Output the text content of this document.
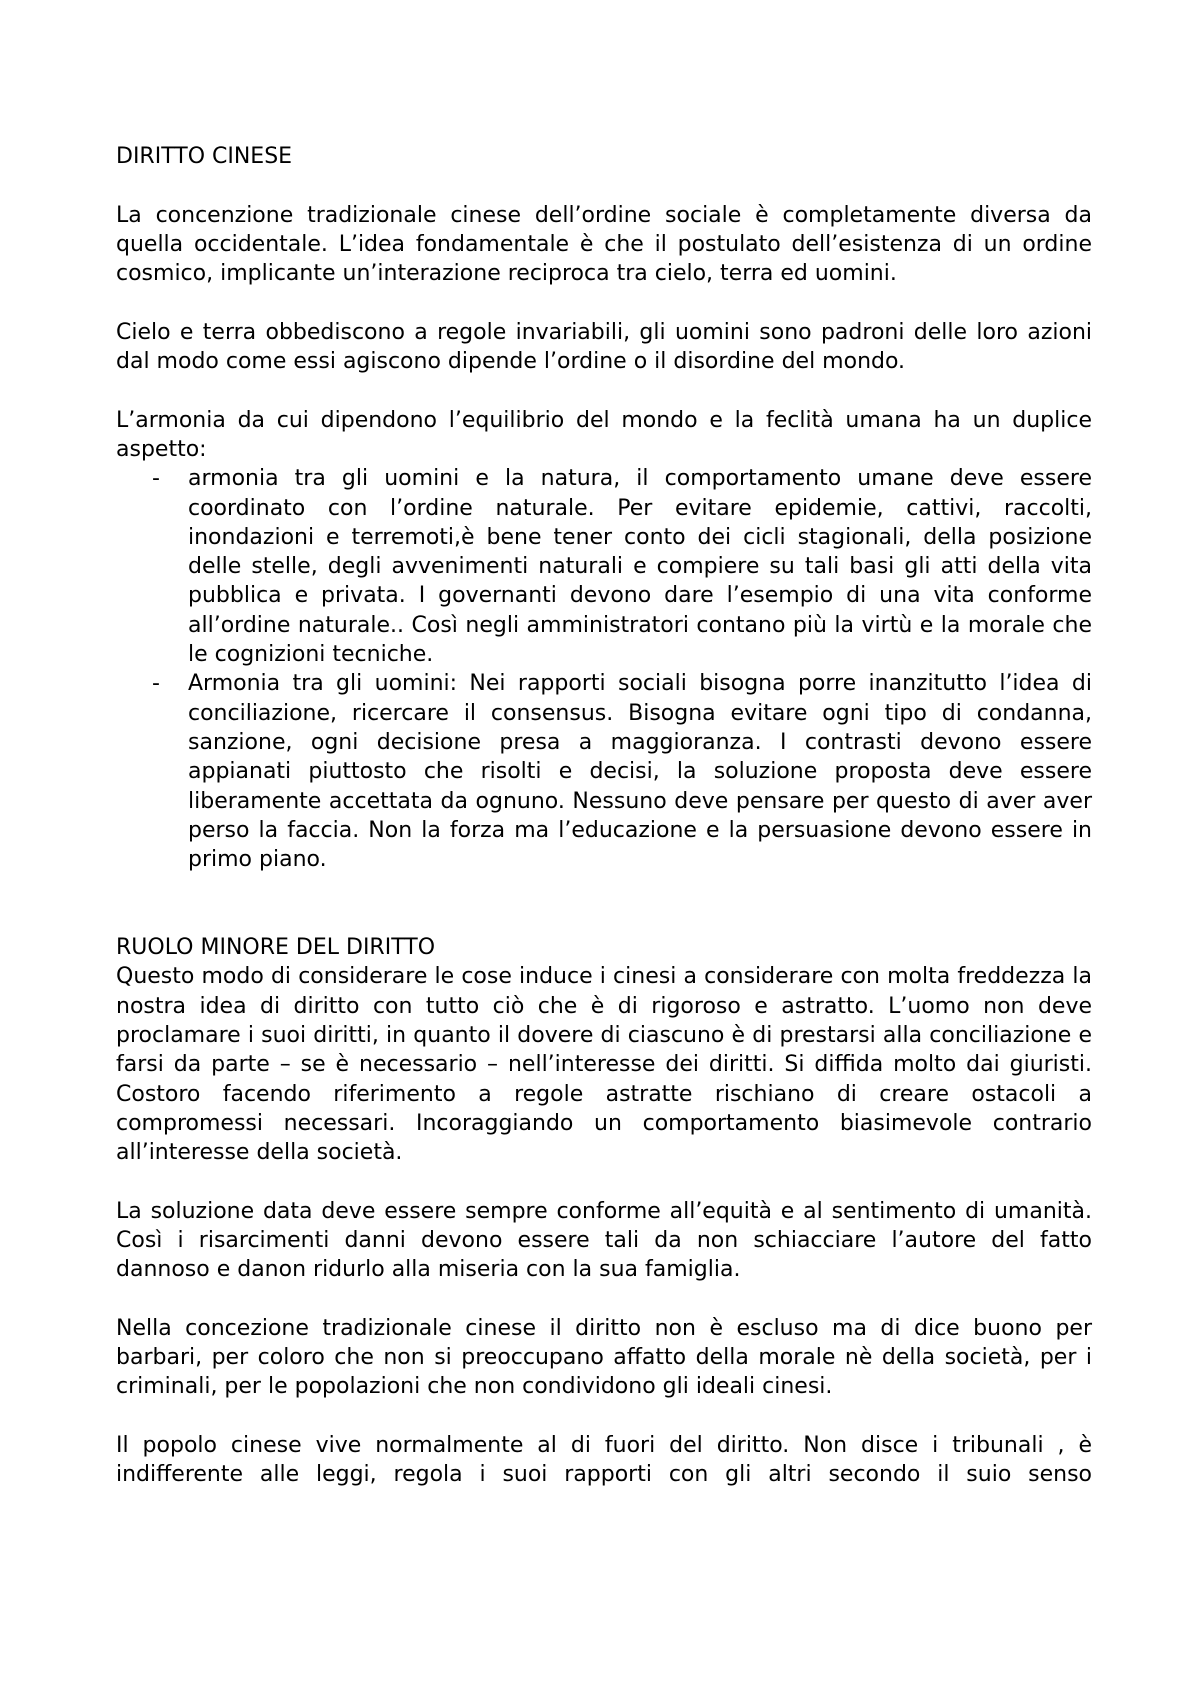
DIRITTO CINESE

La concenzione tradizionale cinese dell’ordine sociale è completamente diversa da quella occidentale. L’idea fondamentale è che il postulato dell’esistenza di un ordine cosmico, implicante un’interazione reciproca tra cielo, terra ed uomini.

Cielo e terra obbediscono a regole invariabili, gli uomini sono padroni delle loro azioni dal modo come essi agiscono dipende l’ordine o il disordine del mondo.

L’armonia da cui dipendono l’equilibrio del mondo e la feclità umana ha un duplice aspetto:

- armonia tra gli uomini e la natura, il comportamento umane deve essere coordinato con l’ordine naturale. Per evitare epidemie, cattivi, raccolti, inondazioni e terremoti,è bene tener conto dei cicli stagionali, della posizione delle stelle, degli avvenimenti naturali e compiere su tali basi gli atti della vita pubblica e privata. I governanti devono dare l’esempio di una vita conforme all’ordine naturale.. Così negli amministratori contano più la virtù e la morale che le cognizioni tecniche.
- Armonia tra gli uomini: Nei rapporti sociali bisogna porre inanzitutto l’idea di conciliazione, ricercare il consensus. Bisogna evitare ogni tipo di condanna, sanzione, ogni decisione presa a maggioranza. I contrasti devono essere appianati piuttosto che risolti e decisi, la soluzione proposta deve essere liberamente accettata da ognuno. Nessuno deve pensare per questo di aver aver perso la faccia. Non la forza ma l’educazione e la persuasione devono essere in primo piano.
RUOLO MINORE DEL DIRITTO

Questo modo di considerare le cose induce i cinesi a considerare con molta freddezza la nostra idea di diritto con tutto ciò che è di rigoroso e astratto. L’uomo non deve proclamare i suoi diritti, in quanto il dovere di ciascuno è di prestarsi alla conciliazione e farsi da parte – se è necessario – nell’interesse dei diritti. Si diffida molto dai giuristi. Costoro facendo riferimento a regole astratte rischiano di creare ostacoli a compromessi necessari. Incoraggiando un comportamento biasimevole contrario all’interesse della società.

La soluzione data deve essere sempre conforme all’equità e al sentimento di umanità. Così i risarcimenti danni devono essere tali da non schiacciare l’autore del fatto dannoso e danon ridurlo alla miseria con la sua famiglia.

Nella concezione tradizionale cinese il diritto non è escluso ma di dice buono per barbari, per coloro che non si preoccupano affatto della morale nè della società, per i criminali, per le popolazioni che non condividono gli ideali cinesi.

Il popolo cinese vive normalmente al di fuori del diritto. Non disce i tribunali , è indifferente alle leggi, regola i suoi rapporti con gli altri secondo il suio senso
